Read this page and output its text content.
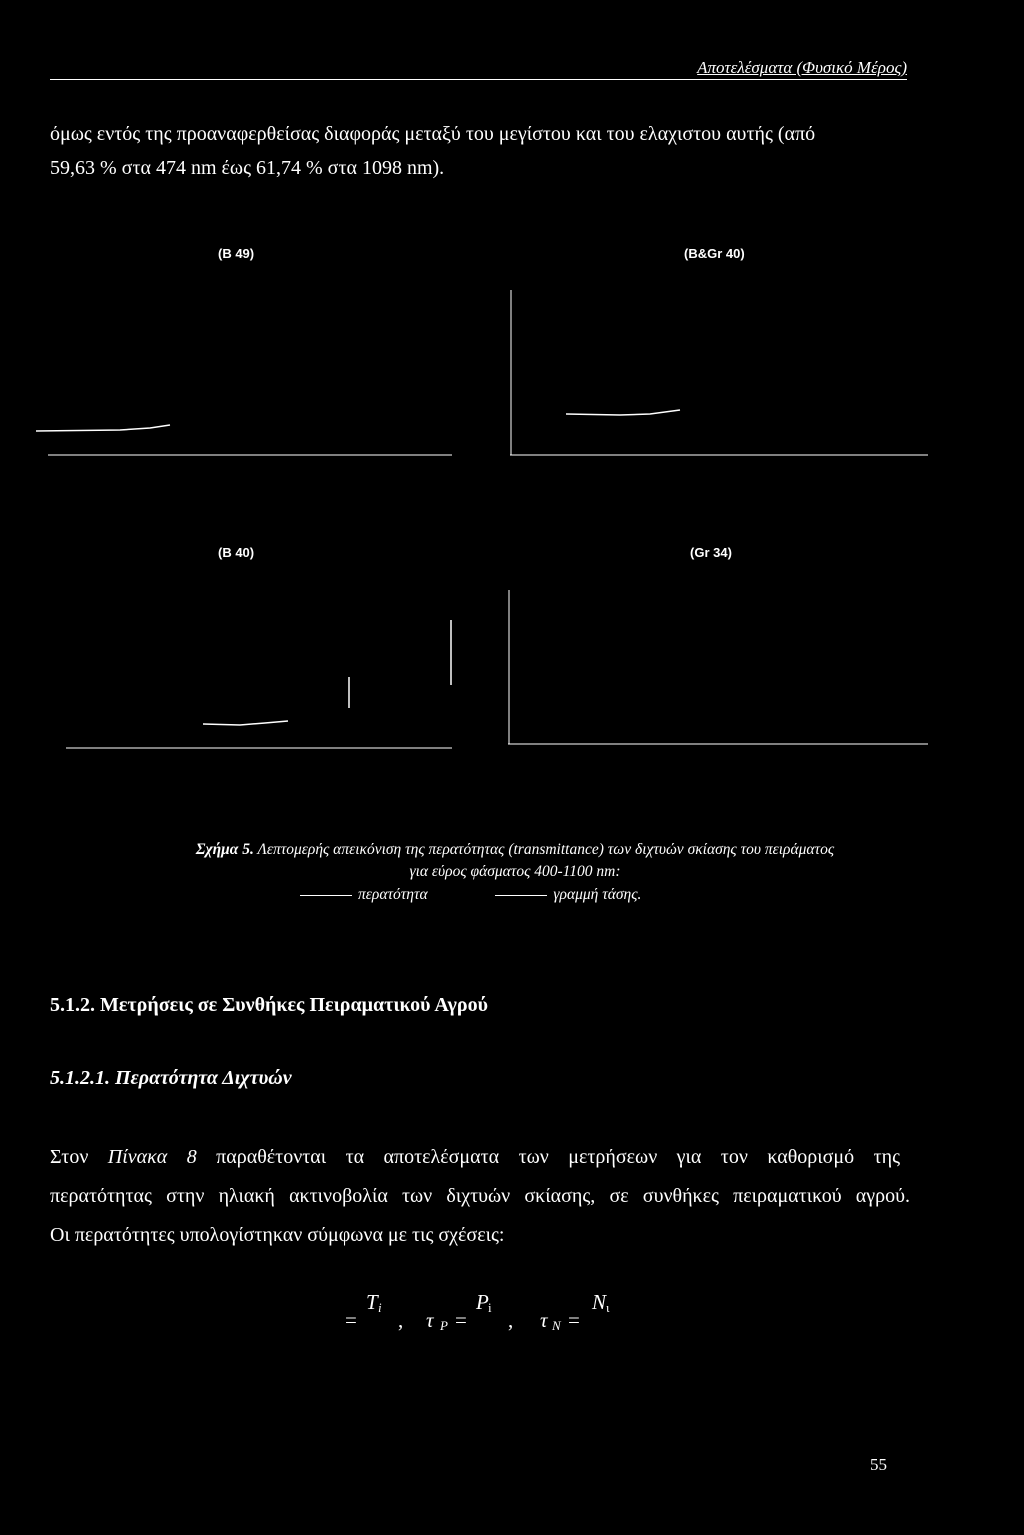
Αποτελέσματα (Φυσικό Μέρος)
όμως εντός της προαναφερθείσας διαφοράς μεταξύ του μεγίστου και του ελαχιστου αυτής (από
59,63 % στα 474 nm έως 61,74 % στα 1098 nm).
(B 49)	(B&Gr 40)
(B 40)	(Gr 34)
Σχήμα 5. Λεπτομερής απεικόνιση της περατότητας (transmittance) των διχτυών σκίασης του πειράματος
για εύρος φάσματος 400-1100 nm:
περατότητα	γραμμή τάσης.
5.1.2. Μετρήσεις σε Συνθήκες Πειραματικού Αγρού
5.1.2.1. Περατότητα Διχτυών
Στον Πίνακα 8 παραθέτονται τα αποτελέσματα των μετρήσεων για τον καθορισμό της
περατότητας στην ηλιακή ακτινοβολία των διχτυών σκίασης, σε συνθήκες πειραματικού αγρού.
Οι περατότητες υπολογίστηκαν σύμφωνα με τις σχέσεις:
=
T i
, τ P =
P i
, τ N =
N ι
55
